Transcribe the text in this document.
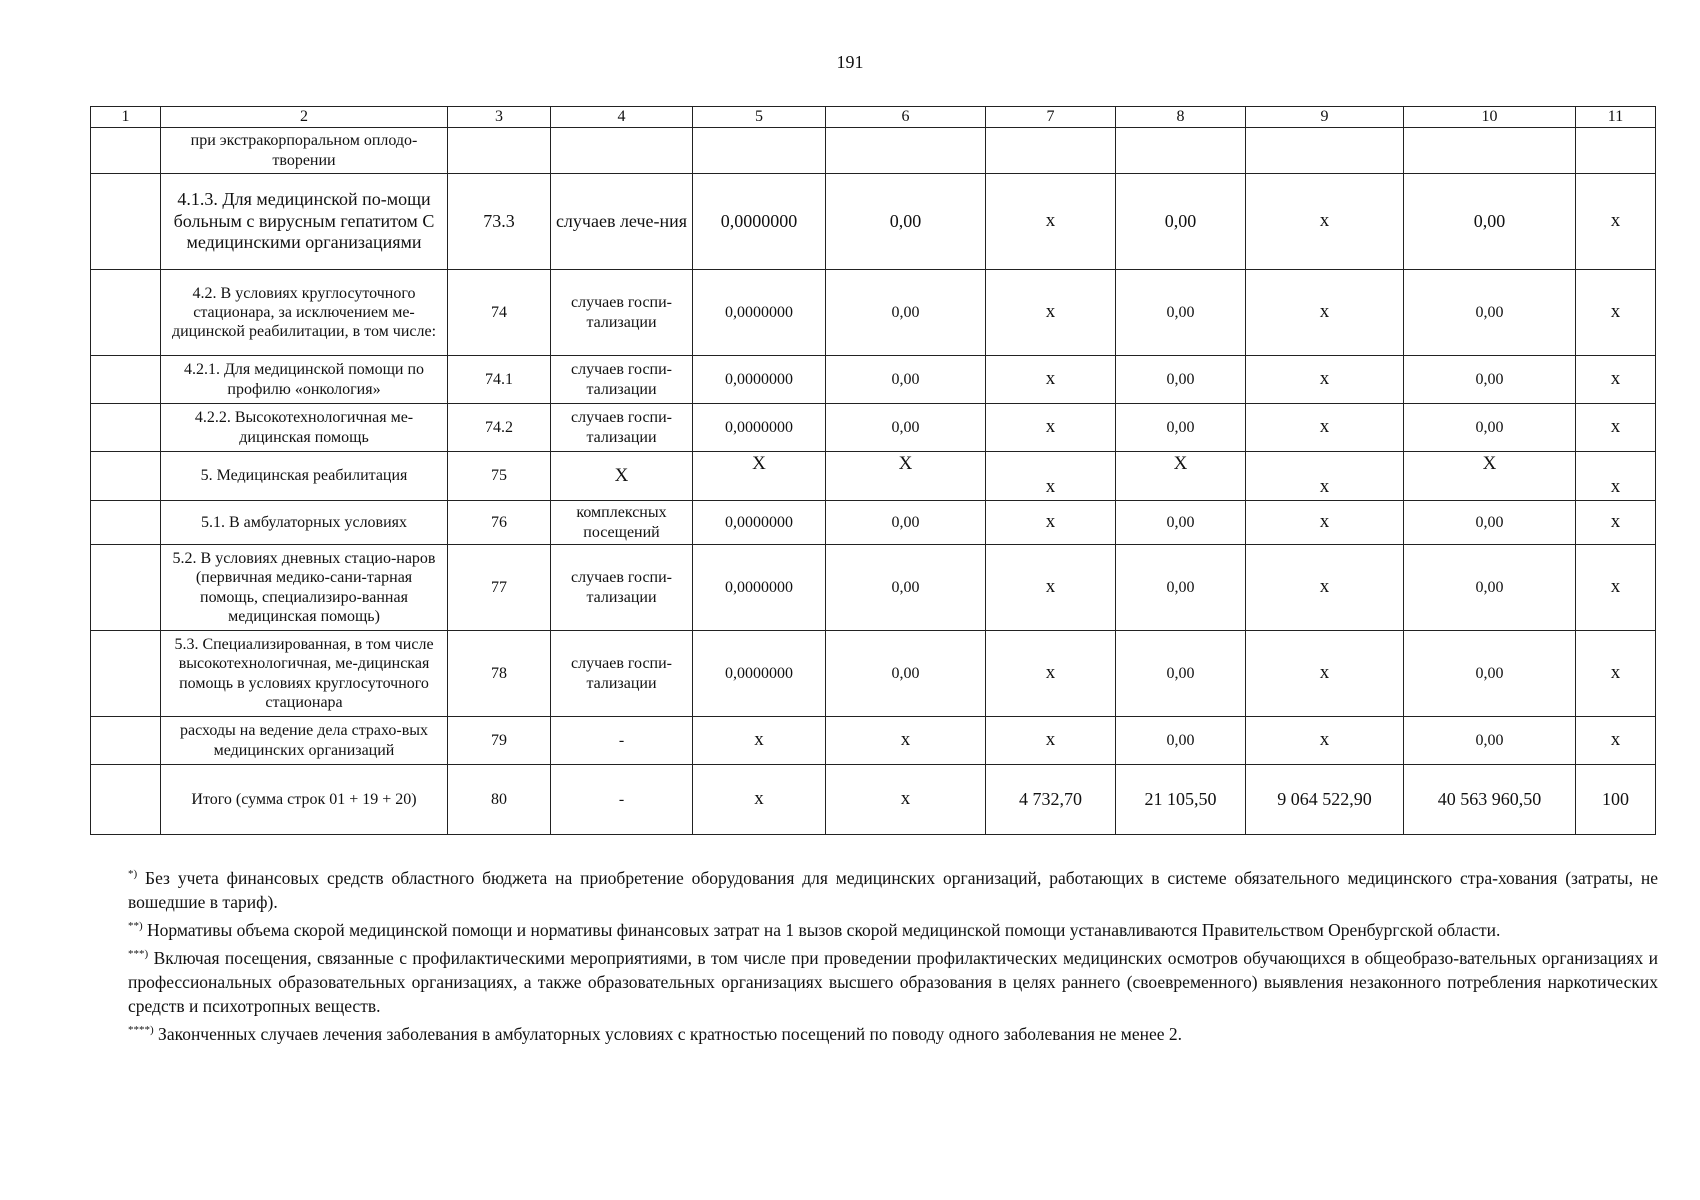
191
1	2	3	4	5	6	7	8	9	10	11
	при экстракорпоральном оплодо-творении									
	4.1.3. Для медицинской по-мощи больным с вирусным гепатитом С медицинскими организациями	73.3	случаев лече-ния	0,0000000	0,00	х	0,00	х	0,00	х
	4.2. В условиях круглосуточного стационара, за исключением ме-дицинской реабилитации, в том числе:	74	случаев госпи-тализации	0,0000000	0,00	х	0,00	х	0,00	х
	4.2.1. Для медицинской помощи по профилю «онкология»	74.1	случаев госпи-тализации	0,0000000	0,00	х	0,00	х	0,00	х
	4.2.2. Высокотехнологичная ме-дицинская помощь	74.2	случаев госпи-тализации	0,0000000	0,00	х	0,00	х	0,00	х
	5. Медицинская реабилитация	75	Х	Х	Х	х	Х	х	Х	х
	5.1. В амбулаторных условиях	76	комплексных посещений	0,0000000	0,00	х	0,00	х	0,00	х
	5.2. В условиях дневных стацио-наров (первичная медико-сани-тарная помощь, специализиро-ванная медицинская помощь)	77	случаев госпи-тализации	0,0000000	0,00	х	0,00	х	0,00	х
	5.3. Специализированная, в том числе высокотехнологичная, ме-дицинская помощь в условиях круглосуточного стационара	78	случаев госпи-тализации	0,0000000	0,00	х	0,00	х	0,00	х
	расходы на ведение дела страхо-вых медицинских организаций	79	-	х	х	х	0,00	х	0,00	х
	Итого (сумма строк 01 + 19 + 20)	80	-	х	х	4 732,70	21 105,50	9 064 522,90	40 563 960,50	100

*) Без учета финансовых средств областного бюджета на приобретение оборудования для медицинских организаций, работающих в системе обязательного медицинского стра-хования (затраты, не вошедшие в тариф).

**) Нормативы объема скорой медицинской помощи и нормативы финансовых затрат на 1 вызов скорой медицинской помощи устанавливаются Правительством Оренбургской области.

***) Включая посещения, связанные с профилактическими мероприятиями, в том числе при проведении профилактических медицинских осмотров обучающихся в общеобразо-вательных организациях и профессиональных образовательных организациях, а также образовательных организациях высшего образования в целях раннего (своевременного) выявления незаконного потребления наркотических средств и психотропных веществ.

****) Законченных случаев лечения заболевания в амбулаторных условиях с кратностью посещений по поводу одного заболевания не менее 2.
